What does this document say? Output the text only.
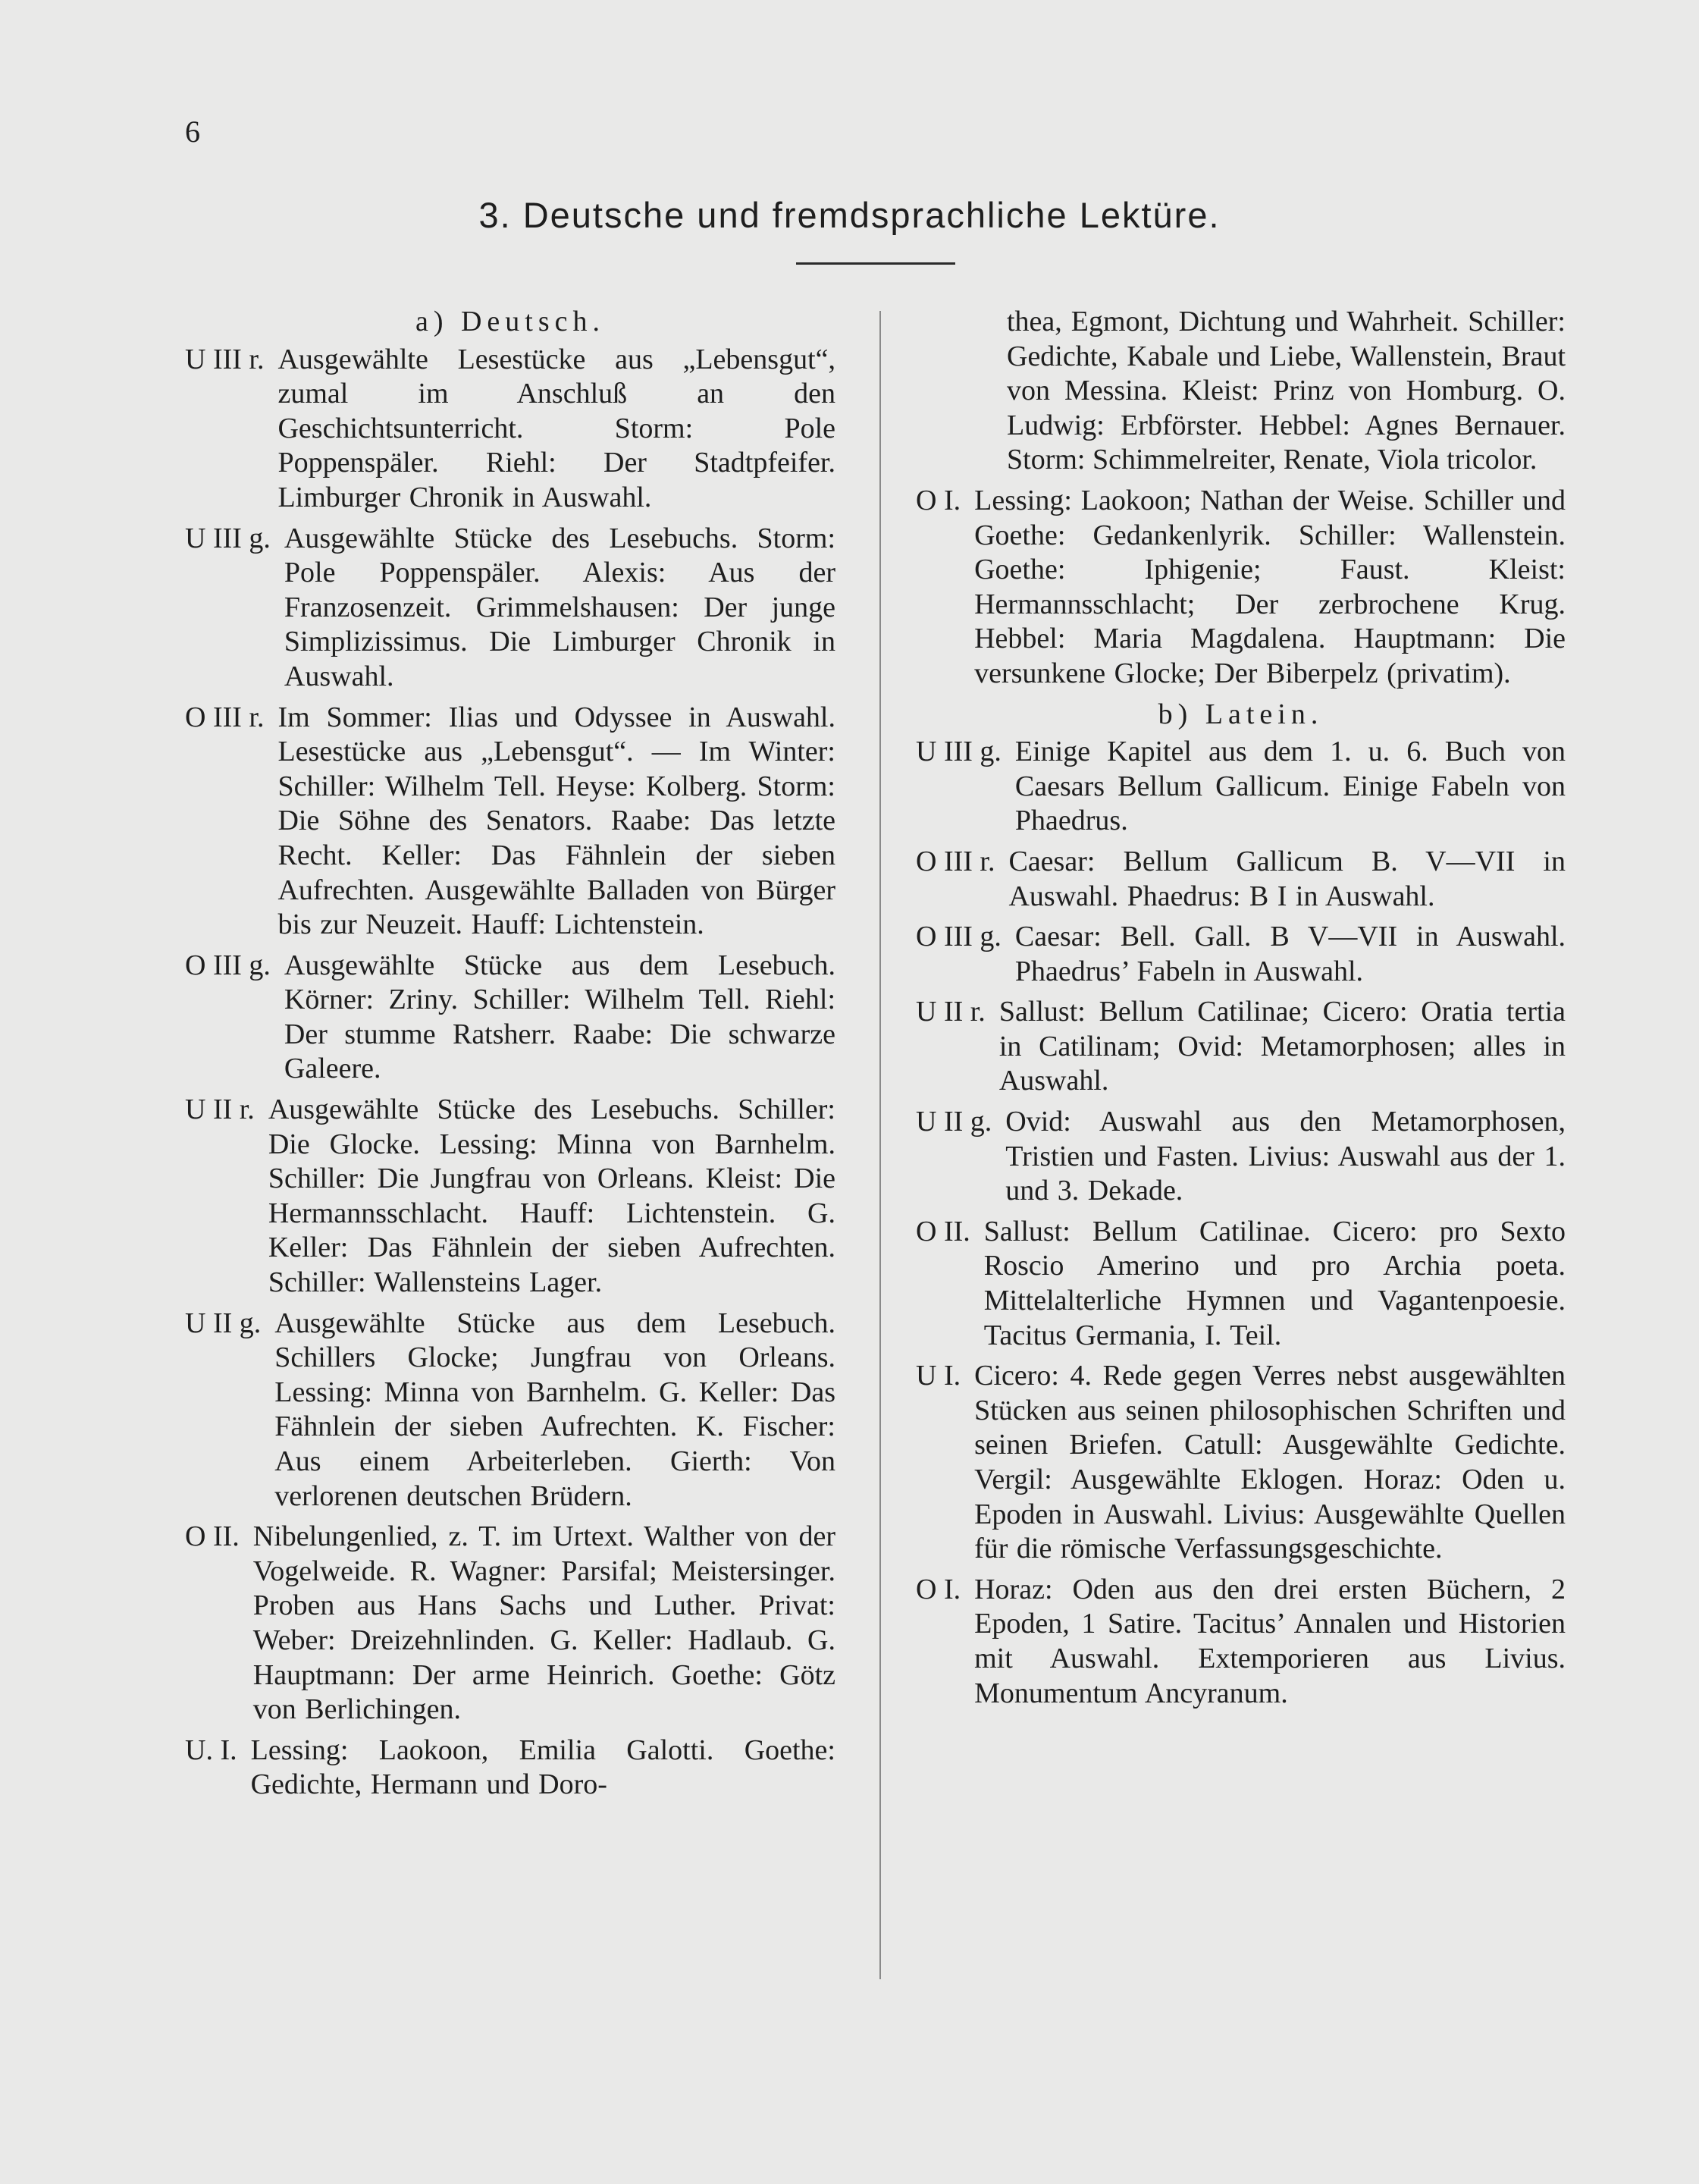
6
3. Deutsche und fremdsprachliche Lektüre.
a) Deutsch.
U III r. Ausgewählte Lesestücke aus „Lebensgut“, zumal im Anschluß an den Geschichtsunterricht. Storm: Pole Poppenspäler. Riehl: Der Stadtpfeifer. Limburger Chronik in Auswahl.
U III g. Ausgewählte Stücke des Lesebuchs. Storm: Pole Poppenspäler. Alexis: Aus der Franzosenzeit. Grimmelshausen: Der junge Simplizissimus. Die Limburger Chronik in Auswahl.
O III r. Im Sommer: Ilias und Odyssee in Auswahl. Lesestücke aus „Lebensgut“. — Im Winter: Schiller: Wilhelm Tell. Heyse: Kolberg. Storm: Die Söhne des Senators. Raabe: Das letzte Recht. Keller: Das Fähnlein der sieben Aufrechten. Ausgewählte Balladen von Bürger bis zur Neuzeit. Hauff: Lichtenstein.
O III g. Ausgewählte Stücke aus dem Lesebuch. Körner: Zriny. Schiller: Wilhelm Tell. Riehl: Der stumme Ratsherr. Raabe: Die schwarze Galeere.
U II r. Ausgewählte Stücke des Lesebuchs. Schiller: Die Glocke. Lessing: Minna von Barnhelm. Schiller: Die Jungfrau von Orleans. Kleist: Die Hermannsschlacht. Hauff: Lichtenstein. G. Keller: Das Fähnlein der sieben Aufrechten. Schiller: Wallensteins Lager.
U II g. Ausgewählte Stücke aus dem Lesebuch. Schillers Glocke; Jungfrau von Orleans. Lessing: Minna von Barnhelm. G. Keller: Das Fähnlein der sieben Aufrechten. K. Fischer: Aus einem Arbeiterleben. Gierth: Von verlorenen deutschen Brüdern.
O II. Nibelungenlied, z. T. im Urtext. Walther von der Vogelweide. R. Wagner: Parsifal; Meistersinger. Proben aus Hans Sachs und Luther. Privat: Weber: Dreizehnlinden. G. Keller: Hadlaub. G. Hauptmann: Der arme Heinrich. Goethe: Götz von Berlichingen.
U. I. Lessing: Laokoon, Emilia Galotti. Goethe: Gedichte, Hermann und Doro-
thea, Egmont, Dichtung und Wahrheit. Schiller: Gedichte, Kabale und Liebe, Wallenstein, Braut von Messina. Kleist: Prinz von Homburg. O. Ludwig: Erbförster. Hebbel: Agnes Bernauer. Storm: Schimmelreiter, Renate, Viola tricolor.
O I. Lessing: Laokoon; Nathan der Weise. Schiller und Goethe: Gedankenlyrik. Schiller: Wallenstein. Goethe: Iphigenie; Faust. Kleist: Hermannsschlacht; Der zerbrochene Krug. Hebbel: Maria Magdalena. Hauptmann: Die versunkene Glocke; Der Biberpelz (privatim).
b) Latein.
U III g. Einige Kapitel aus dem 1. u. 6. Buch von Caesars Bellum Gallicum. Einige Fabeln von Phaedrus.
O III r. Caesar: Bellum Gallicum B. V—VII in Auswahl. Phaedrus: B I in Auswahl.
O III g. Caesar: Bell. Gall. B V—VII in Auswahl. Phaedrus’ Fabeln in Auswahl.
U II r. Sallust: Bellum Catilinae; Cicero: Oratia tertia in Catilinam; Ovid: Metamorphosen; alles in Auswahl.
U II g. Ovid: Auswahl aus den Metamorphosen, Tristien und Fasten. Livius: Auswahl aus der 1. und 3. Dekade.
O II. Sallust: Bellum Catilinae. Cicero: pro Sexto Roscio Amerino und pro Archia poeta. Mittelalterliche Hymnen und Vagantenpoesie. Tacitus Germania, I. Teil.
U I. Cicero: 4. Rede gegen Verres nebst ausgewählten Stücken aus seinen philosophischen Schriften und seinen Briefen. Catull: Ausgewählte Gedichte. Vergil: Ausgewählte Eklogen. Horaz: Oden u. Epoden in Auswahl. Livius: Ausgewählte Quellen für die römische Verfassungsgeschichte.
O I. Horaz: Oden aus den drei ersten Büchern, 2 Epoden, 1 Satire. Tacitus’ Annalen und Historien mit Auswahl. Extemporieren aus Livius. Monumentum Ancyranum.
